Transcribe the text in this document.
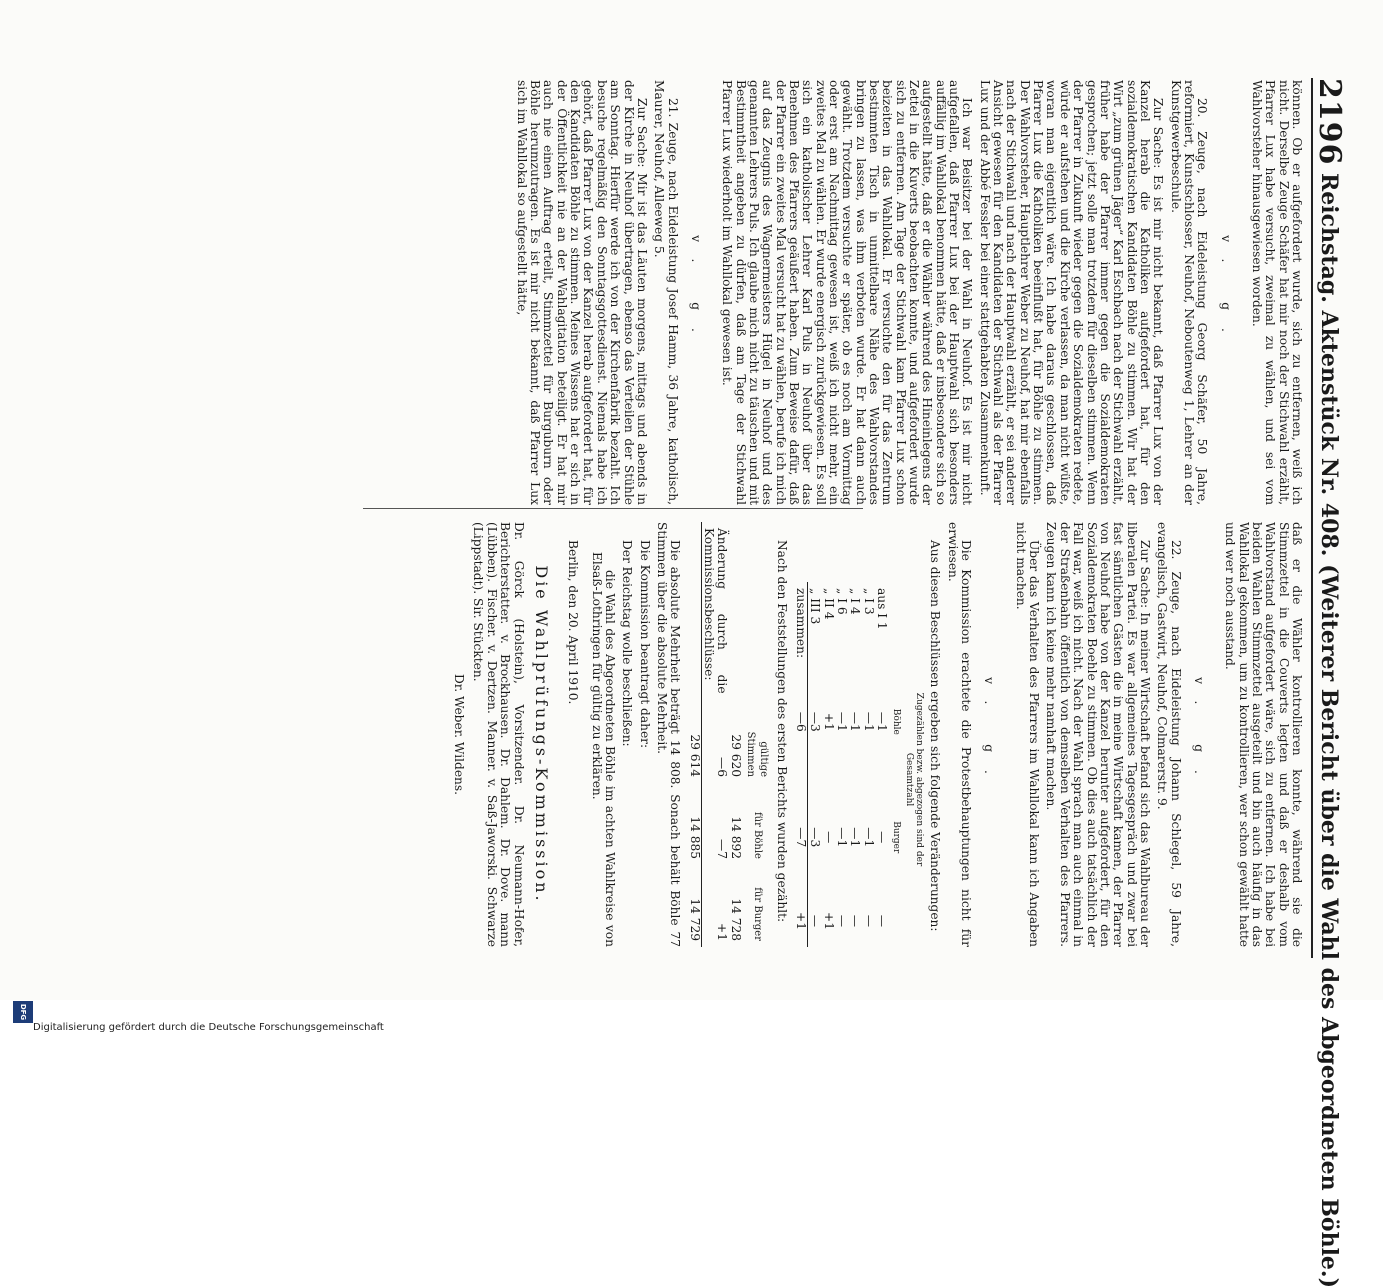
2196
Reichstag. Aktenstück Nr. 408. (Weiterer Bericht über die Wahl des Abgeordneten Böhle.)

können. Ob er aufgefordert wurde, sich zu entfernen, weiß ich nicht. Derselbe Zeuge Schäfer hat mir noch der Stichwahl erzählt, Pfarrer Lux habe versucht, zweimal zu wählen, und sei vom Wahlvorsteher hinausgewiesen worden.

v. g.

20. Zeuge, nach Eideleistung Georg Schäfer, 50 Jahre, reformiert, Kunstschlosser, Neuhof, Neboutenweg 1, Lehrer an der Kunstgewerbeschule.

Zur Sache: Es ist mir nicht bekannt, daß Pfarrer Lux von der Kanzel herab die Katholiken aufgefordert hat, für den sozialdemokratischen Kandidaten Böhle zu stimmen. Wir hat der Wirt „zum grünen Jäger“ Karl Eschbach nach der Stichwahl erzählt, früher habe der Pfarrer immer gegen die Sozialdemokraten gesprochen; jetzt solle man trotzdem für dieselben stimmen. Wenn der Pfarrer in Zukunft wieder gegen die Sozialdemokraten redete, würde er aufstehen und die Kirche verlassen, da man nicht wüßte, woran man eigentlich wäre. Ich habe daraus geschlossen, daß Pfarrer Lux die Katholiken beeinflußt hat, für Böhle zu stimmen. Der Wahlvorsteher, Hauptlehrer Weber zu Neuhof, hat mir ebenfalls nach der Stichwahl und nach der Hauptwahl erzählt, er sei anderer Ansicht gewesen für den Kandidaten der Stichwahl als der Pfarrer Lux und der Abbé Fessler bei einer stattgehabten Zusammenkunft.

Ich war Beisitzer bei der Wahl in Neuhof. Es ist mir nicht aufgefallen, daß Pfarrer Lux bei der Hauptwahl sich besonders auffällig im Wahllokal benommen hätte, daß er insbesondere sich so aufgestellt hätte, daß er die Wähler während des Hineinlegens der Zettel in die Kuverts beobachten konnte, und aufgefordert wurde sich zu entfernen. Am Tage der Stichwahl kam Pfarrer Lux schon beizeiten in das Wahllokal. Er versuchte den für das Zentrum bestimmten Tisch in unmittelbare Nähe des Wahlvorstandes bringen zu lassen, was ihm verboten wurde. Er hat dann auch gewählt. Trotzdem versuchte er später, ob es noch am Vormittag oder erst am Nachmittag gewesen ist, weiß ich nicht mehr, ein zweites Mal zu wählen. Er wurde energisch zurückgewiesen. Es soll sich ein katholischer Lehrer Karl Puls in Neuhof über das Benehmen des Pfarrers geäußert haben. Zum Beweise dafür, daß der Pfarrer ein zweites Mal versucht hat zu wählen, berufe ich mich auf das Zeugnis des Wagnermeisters Hügel in Neuhof und des genannten Lehrers Puls. Ich glaube mich nicht zu täuschen und mit Bestimmtheit angeben zu dürfen, daß am Tage der Stichwahl Pfarrer Lux wiederholt im Wahllokal gewesen ist.

v. g.

21. Zeuge, nach Eideleistung Josef Hamm, 36 Jahre, katholisch, Maurer, Neuhof, Alleeweg 5.

Zur Sache: Mir ist das Läuten morgens, mittags und abends in der Kirche in Neuhof übertragen, ebenso das Verteilen der Stühle am Sonntag. Hierfür werde ich von der Kirchenfabrik bezahlt. Ich besuche regelmäßig den Sonntagsgottesdienst. Niemals habe ich gehört, daß Pfarrer Lux von der Kanzel herab aufgefordert hat, für den Kandidaten Böhle zu stimmen. Meines Wissens hat er sich in der Öffentlichkeit nie an der Wahlagitation beteiligt. Er hat mir auch nie einen Auftrag erteilt, Stimmzettel für Burguburn oder Böhle herumzutragen. Es ist mir nicht bekannt, daß Pfarrer Lux sich im Wahllokal so aufgestellt hätte,

daß er die Wähler kontrollieren konnte, während sie die Stimmzettel in die Couverts legten und daß er deshalb vom Wahlvorstand aufgefordert wäre, sich zu entfernen. Ich habe bei beiden Wahlen Stimmzettel ausgeteilt und bin auch häufig in das Wahllokal gekommen, um zu kontrollieren, wer schon gewählt hatte und wer noch ausstand.

v. g.

22. Zeuge, nach Eideleistung Johann Schlegel, 59 Jahre, evangelisch, Gastwirt, Neuhof, Colmarerstr. 9.

Zur Sache: In meiner Wirtschaft befand sich das Wahlbureau der liberalen Partei. Es war allgemeines Tagesgespräch und zwar bei fast sämtlichen Gästen die in meine Wirtschaft kamen, der Pfarrer von Neuhof habe von der Kanzel herunter aufgefordert, für den Sozialdemokraten Boehle zu stimmen. Ob dies auch tatsächlich der Fall war, weiß ich nicht. Nach der Wahl sprach man auch einmal in der Straßenbahn öffentlich von demselben Verhalten des Pfarrers. Zeugen kann ich keine mehr namhaft machen.

Über das Verhalten des Pfarrers im Wahllokal kann ich Angaben nicht machen.

v. g.

Die Kommission erachtete die Protestbehauptungen nicht für erwiesen.

Aus diesen Beschlüssen ergeben sich folgende Veränderungen:

	Zugezählen bezw. abgezogen sind der Gesamtzahl		
	Böhle	Burger	
aus I 1	—1	—	—
„ I 3	—1	—1	—
„ I 4	—1	—1	—
„ I 6	—1	—1	—
„ II 4	+1	—	+1
„ III 3	—3	—3	—
zusammen:	—6	—7	+1

Nach den Feststellungen des ersten Berichts wurden gezählt:

	gültige Stimmen	für Böhle	für Burger
	29 620	14 892	14 728
Änderung durch die Kommissionsbeschlüsse:	—6	—7	+1
	29 614	14 885	14 729

Die absolute Mehrheit beträgt 14 808. Sonach behält Böhle 77 Stimmen über die absolute Mehrheit.

Die Kommission beantragt daher:

Der Reichstag wolle beschließen:

die Wahl des Abgeordneten Böhle im achten Wahlkreise von Elsaß-Lothringen für gültig zu erklären.

Berlin, den 20. April 1910.

Die Wahlprüfungs-Kommission.

Dr. Görck (Holstein), Vorsitzender. Dr. Neumann-Hofer, Berichterstatter. v. Brockhausen. Dr. Dahlem. Dr. Dove. mann (Lübben). Fischer. v. Dertzen. Manner. v. Saß-Jaworski. Schwarze (Lippstadt). Sir. Stückten.

Dr. Weber. Wildens.

Digitalisierung gefördert durch die Deutsche Forschungsgemeinschaft
DFG
